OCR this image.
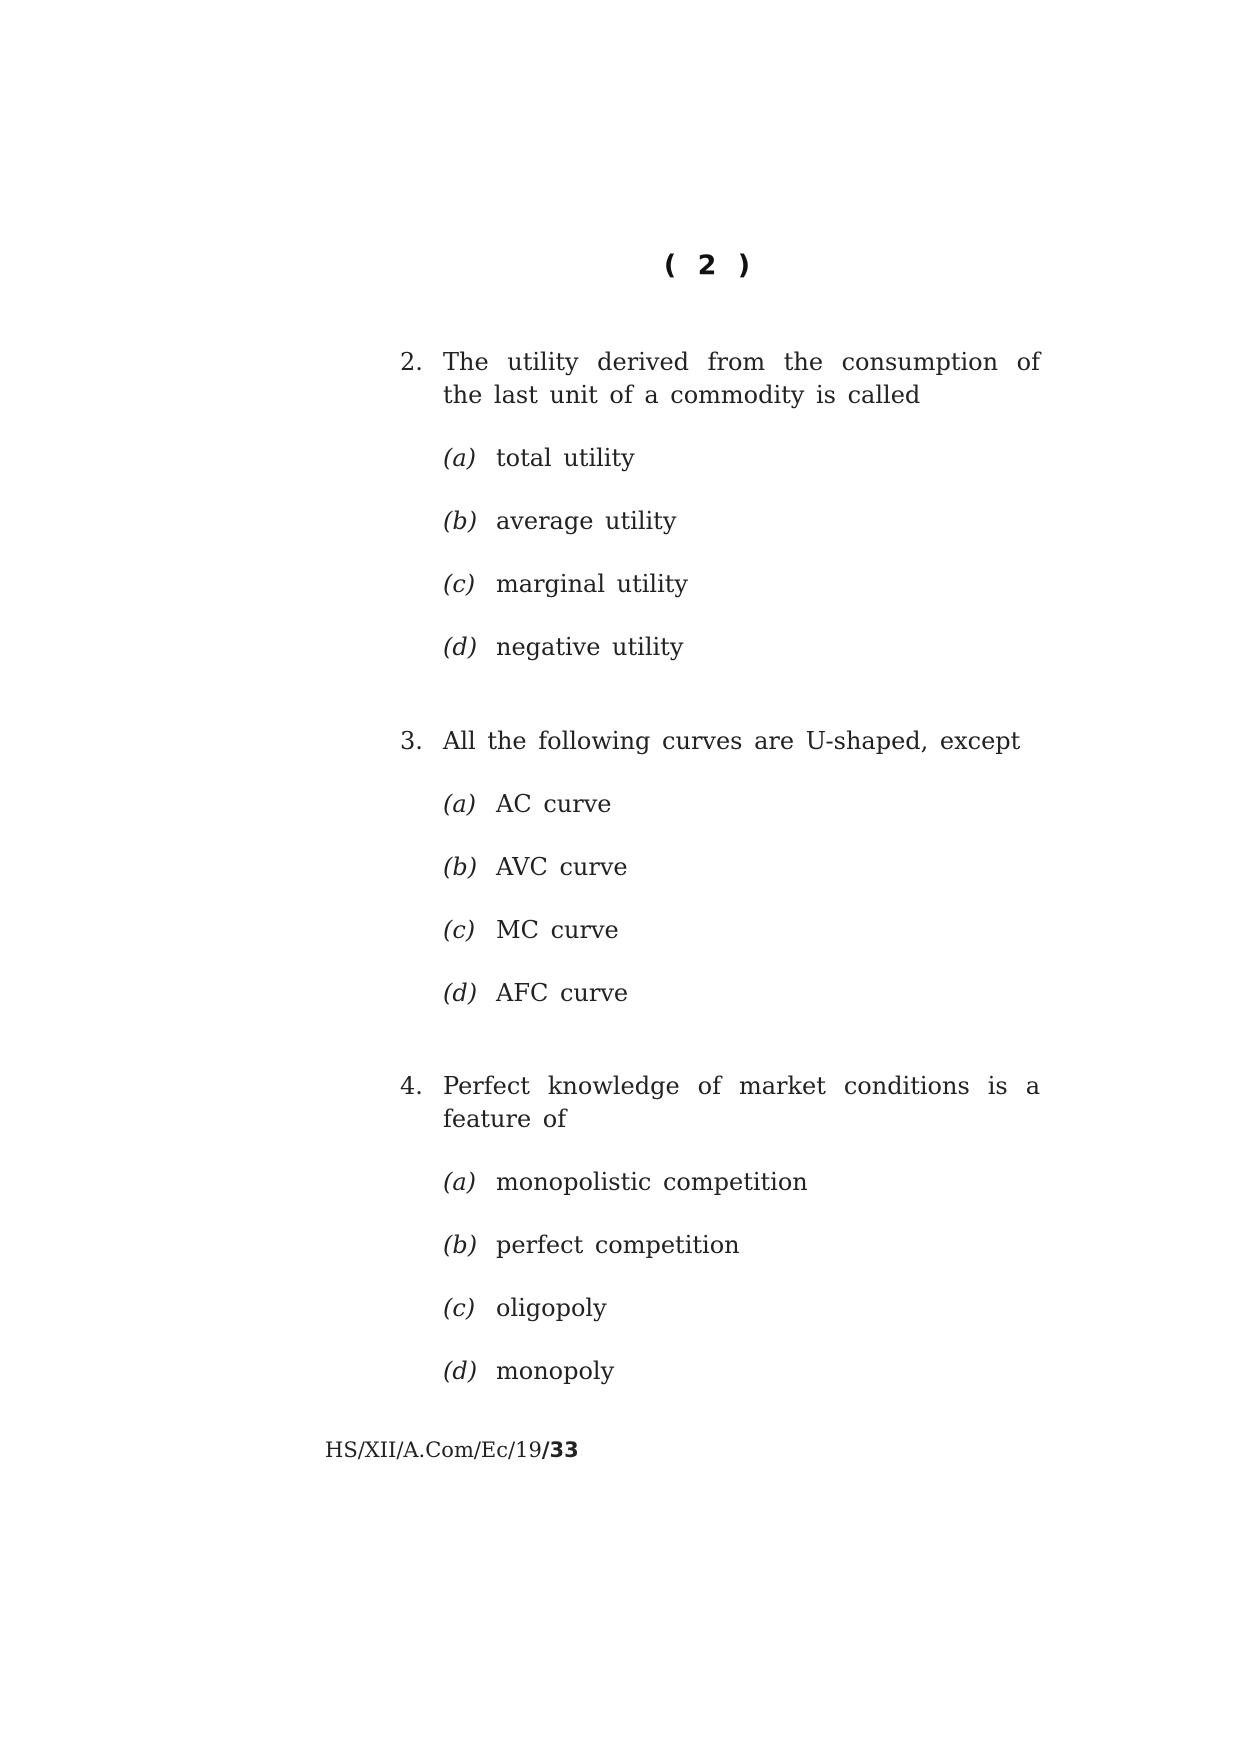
( 2 )
2. The utility derived from the consumption of the last unit of a commodity is called
(a) total utility
(b) average utility
(c) marginal utility
(d) negative utility
3. All the following curves are U-shaped, except
(a) AC curve
(b) AVC curve
(c) MC curve
(d) AFC curve
4. Perfect knowledge of market conditions is a feature of
(a) monopolistic competition
(b) perfect competition
(c) oligopoly
(d) monopoly
HS/XII/A.Com/Ec/19/33
